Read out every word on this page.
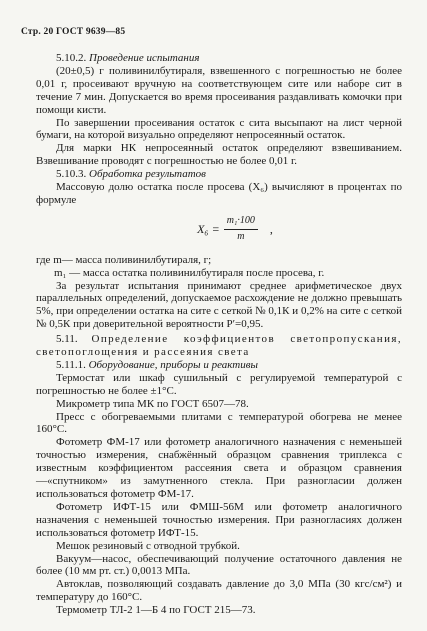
Стр. 20 ГОСТ 9639—85

5.10.2. Проведение испытания

(20±0,5) г поливинилбутираля, взвешенного с погрешностью не более 0,01 г, просеивают вручную на соответствующем сите или наборе сит в течение 7 мин. Допускается во время просеивания раздавливать комочки при помощи кисти.

По завершении просеивания остаток с сита высыпают на лист черной бумаги, на которой визуально определяют непросеянный остаток.

Для марки НК непросеянный остаток определяют взвешиванием. Взвешивание проводят с погрешностью не более 0,01 г.

5.10.3. Обработка результатов

Массовую долю остатка после просева (X₆) вычисляют в процентах по формуле

$X_6 = \frac{\text{m₁·100}}{m}$ ,

где m— масса поливинилбутираля, г;

m₁ — масса остатка поливинилбутираля после просева, г.

За результат испытания принимают среднее арифметическое двух параллельных определений, допускаемое расхождение не должно превышать 5%, при определении остатка на сите с сеткой № 0,1К и 0,2% на сите с сеткой № 0,5К при доверительной вероятности P′=0,95.

5.11. Определение коэффициентов светопропускания, светопоглощения и рассеяния света

5.11.1. Оборудование, приборы и реактивы

Термостат или шкаф сушильный с регулируемой температурой с погрешностью не более ±1°С.

Микрометр типа МК по ГОСТ 6507—78.

Пресс с обогреваемыми плитами с температурой обогрева не менее 160°С.

Фотометр ФМ-17 или фотометр аналогичного назначения с неменьшей точностью измерения, снабжённый образцом сравнения триплекса с известным коэффициентом рассеяния света и образцом сравнения—«спутником» из замутненного стекла. При разногласии должен использоваться фотометр ФМ-17.

Фотометр ИФТ-15 или ФМШ-56М или фотометр аналогичного назначения с неменьшей точностью измерения. При разногласиях должен использоваться фотометр ИФТ-15.

Мешок резиновый с отводной трубкой.

Вакуум—насос, обеспечивающий получение остаточного давления не более (10 мм рт. ст.) 0,0013 МПа.

Автоклав, позволяющий создавать давление до 3,0 МПа (30 кгс/см²) и температуру до 160°С.

Термометр ТЛ-2 1—Б 4 по ГОСТ 215—73.
